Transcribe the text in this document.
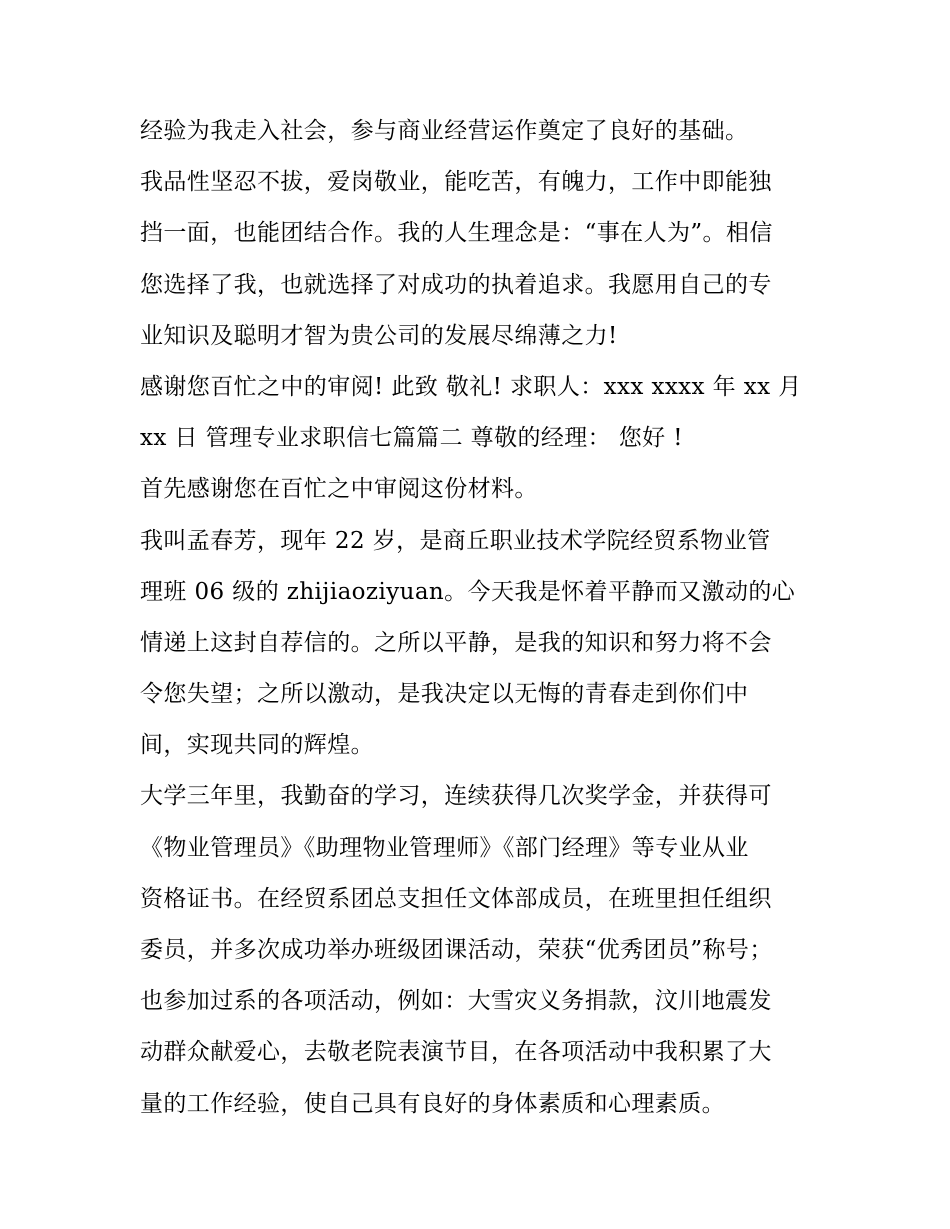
经验为我走入社会，参与商业经营运作奠定了良好的基础。
我品性坚忍不拔，爱岗敬业，能吃苦，有魄力，工作中即能独
挡一面，也能团结合作。我的人生理念是：“事在人为”。相信
您选择了我，也就选择了对成功的执着追求。我愿用自己的专
业知识及聪明才智为贵公司的发展尽绵薄之力!
感谢您百忙之中的审阅! 此致 敬礼! 求职人：xxx xxxx 年 xx 月
xx 日 管理专业求职信七篇篇二 尊敬的经理： 您好 !
首先感谢您在百忙之中审阅这份材料。
我叫孟春芳，现年 22 岁，是商丘职业技术学院经贸系物业管
理班 06 级的 zhijiaoziyuan。今天我是怀着平静而又激动的心
情递上这封自荐信的。之所以平静，是我的知识和努力将不会
令您失望；之所以激动，是我决定以无悔的青春走到你们中
间，实现共同的辉煌。
大学三年里，我勤奋的学习，连续获得几次奖学金，并获得可
《物业管理员》《助理物业管理师》《部门经理》等专业从业
资格证书。在经贸系团总支担任文体部成员，在班里担任组织
委员，并多次成功举办班级团课活动，荣获“优秀团员”称号；
也参加过系的各项活动，例如：大雪灾义务捐款，汶川地震发
动群众献爱心，去敬老院表演节目，在各项活动中我积累了大
量的工作经验，使自己具有良好的身体素质和心理素质。
